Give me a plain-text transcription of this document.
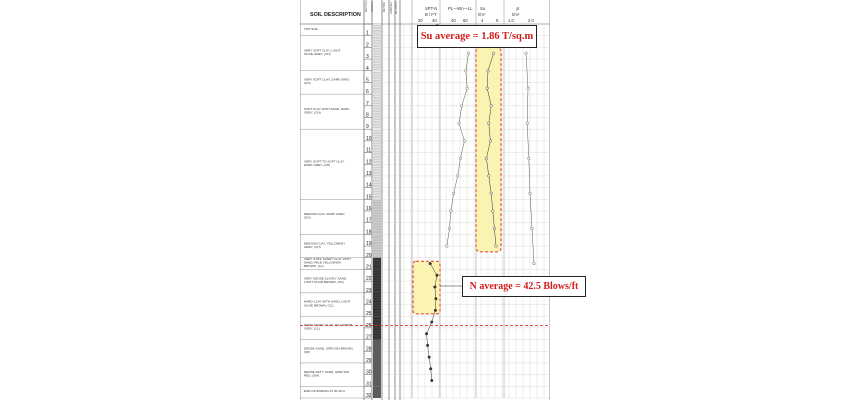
SOIL DESCRIPTION
SPT-N
B / FT
PL—Wn—LL Su
t/m²
γt
t/m³
20 40	40 60	4	8 1.0	2.0
DEPTH (m)	GRAPHIC	METHOD	SAMPLING RECOVERY
1
2
3
4
5
6
7
8
9
10
11
12
13
14
15
16
17
18
19
20
21
22
23
24
25
26
27
28
29
30
31
32
TOP SOIL
VERY SOFT CLAY, LIGHT OLIVE GREY, (CH)
VERY SOFT CLAY, DARK GREY, (CH)
SOFT CLAY WITH SAND, DARK GREY, (CH)
VERY SOFT TO SOFT CLAY, DARK GREY, (CH)
MEDIUM CLAY, DARK GREY, (CH)
MEDIUM CLAY, YELLOWISH GREY, (CH)
VERY STIFF SANDY CLAY WITH SAND, PALE YELLOWISH BROWN, (CL)
VERY DENSE CLAYEY SAND, LIGHT OLIVE BROWN, (SC)
HARD CLAY WITH SAND, LIGHT OLIVE BROWN, (CL)
HARD SANDY CLAY, YELLOWISH GREY, (CL)
DENSE SAND, GREYISH BROWN, (SP)
DENSE SILTY SAND, GREYISH RED, (SM)
END OF BORING AT 30.45 m
Su average = 1.86 T/sq.m
N average = 42.5 Blows/ft
